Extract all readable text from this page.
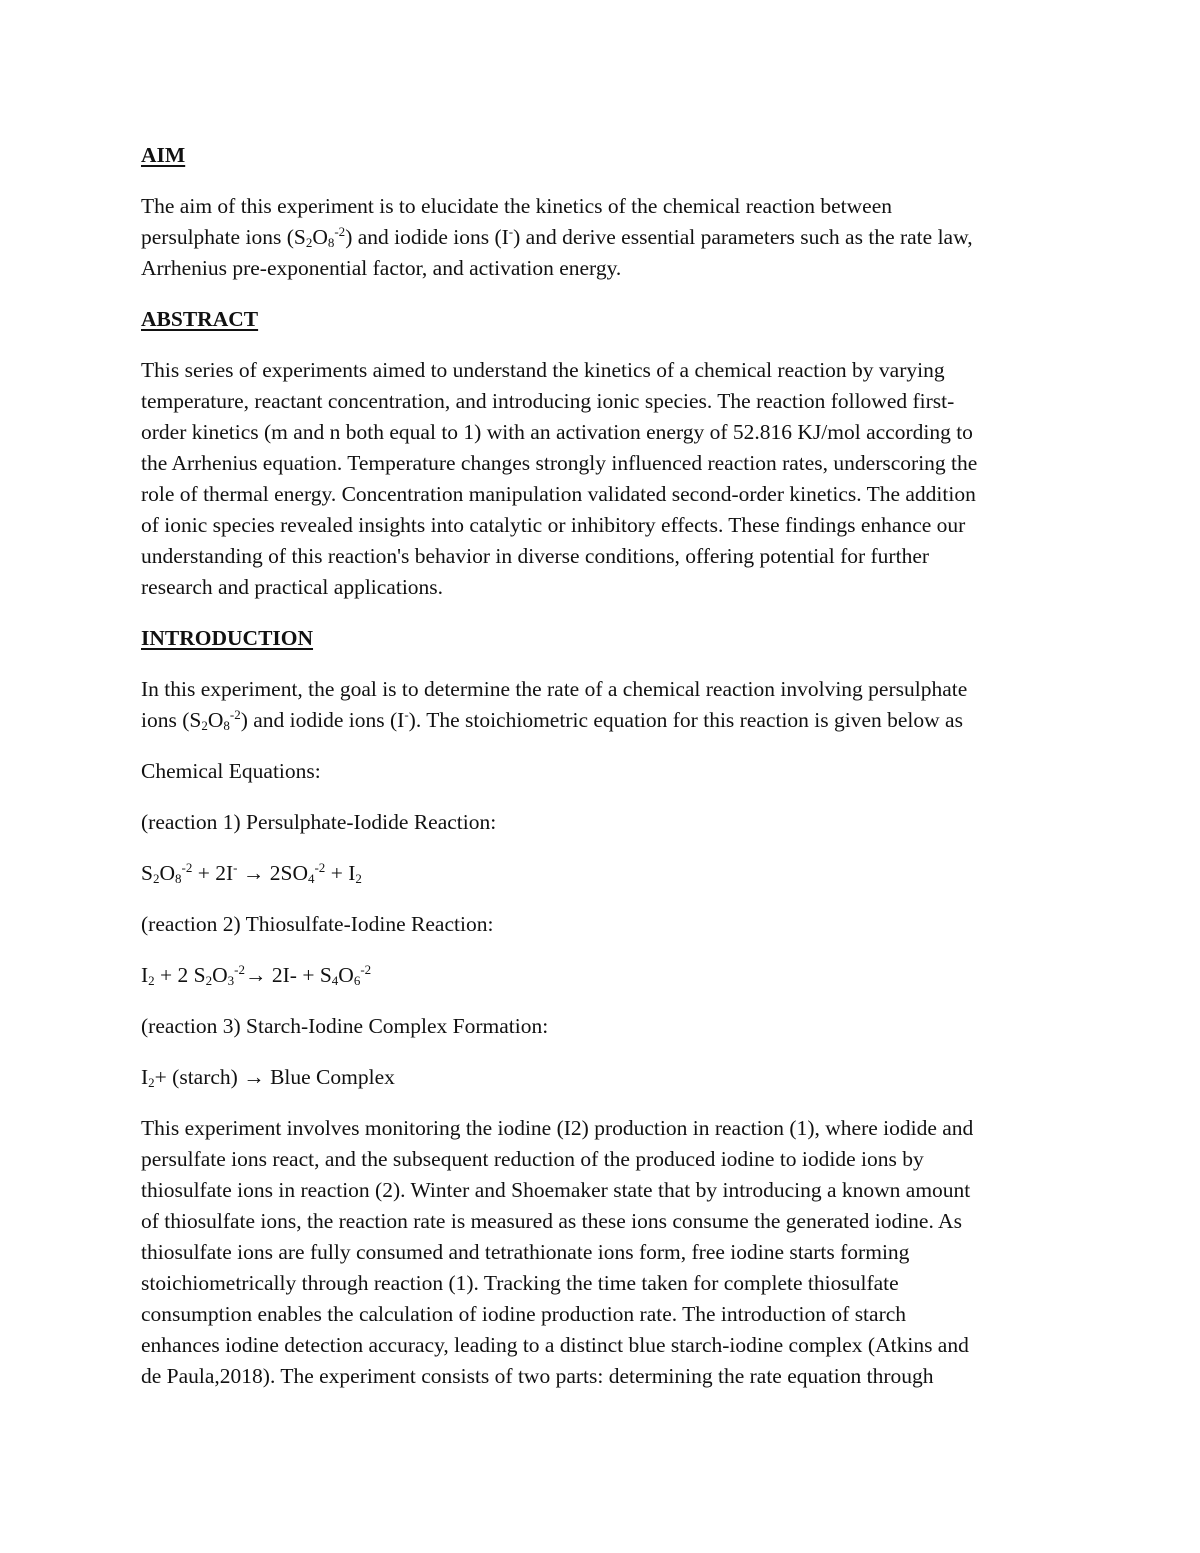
AIM

The aim of this experiment is to elucidate the kinetics of the chemical reaction between

persulphate ions $(S_2O_8^{-2})$ and iodide ions (I-) and derive essential parameters such as the rate law,

Arrhenius pre-exponential factor, and activation energy.

ABSTRACT

This series of experiments aimed to understand the kinetics of a chemical reaction by varying

temperature, reactant concentration, and introducing ionic species. The reaction followed first-

order kinetics (m and n both equal to 1) with an activation energy of 52.816 KJ/mol according to

the Arrhenius equation. Temperature changes strongly influenced reaction rates, underscoring the

role of thermal energy. Concentration manipulation validated second-order kinetics. The addition

of ionic species revealed insights into catalytic or inhibitory effects. These findings enhance our

understanding of this reaction's behavior in diverse conditions, offering potential for further

research and practical applications.

INTRODUCTION

In this experiment, the goal is to determine the rate of a chemical reaction involving persulphate

ions $(S_2O_8^{-2})$ and iodide ions (I-). The stoichiometric equation for this reaction is given below as

Chemical Equations:

(reaction 1) Persulphate-Iodide Reaction:

$S_2O_8^{-2} + 2I^- \to 2SO_4^{-2} + I_2$

(reaction 2) Thiosulfate-Iodine Reaction:

$I_2 + 2$ $S_2O_3^{-2}\to 2I- + S_4O_6^{-2}$

(reaction 3) Starch-Iodine Complex Formation:

$I_2+$ (starch) → Blue Complex

This experiment involves monitoring the iodine (I2) production in reaction (1), where iodide and

persulfate ions react, and the subsequent reduction of the produced iodine to iodide ions by

thiosulfate ions in reaction (2). Winter and Shoemaker state that by introducing a known amount

of thiosulfate ions, the reaction rate is measured as these ions consume the generated iodine. As

thiosulfate ions are fully consumed and tetrathionate ions form, free iodine starts forming

stoichiometrically through reaction (1). Tracking the time taken for complete thiosulfate

consumption enables the calculation of iodine production rate. The introduction of starch

enhances iodine detection accuracy, leading to a distinct blue starch-iodine complex (Atkins and

de Paula,2018). The experiment consists of two parts: determining the rate equation through
